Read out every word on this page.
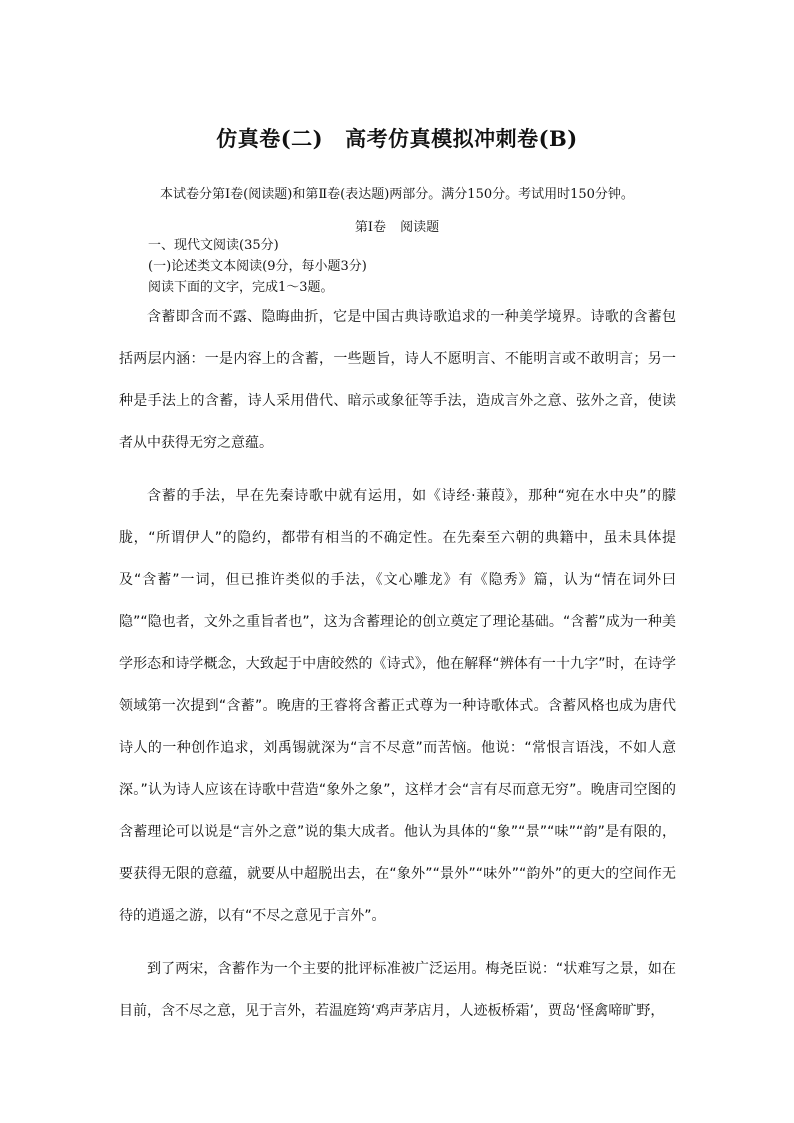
仿真卷(二) 高考仿真模拟冲刺卷(B)
本试卷分第Ⅰ卷(阅读题)和第Ⅱ卷(表达题)两部分。满分150分。考试用时150分钟。
第Ⅰ卷 阅读题
一、现代文阅读(35分)
(一)论述类文本阅读(9分，每小题3分)
阅读下面的文字，完成1～3题。

含蓄即含而不露、隐晦曲折，它是中国古典诗歌追求的一种美学境界。诗歌的含蓄包括两层内涵：一是内容上的含蓄，一些题旨，诗人不愿明言、不能明言或不敢明言；另一种是手法上的含蓄，诗人采用借代、暗示或象征等手法，造成言外之意、弦外之音，使读者从中获得无穷之意蕴。

含蓄的手法，早在先秦诗歌中就有运用，如《诗经·蒹葭》，那种“宛在水中央”的朦胧，“所谓伊人”的隐约，都带有相当的不确定性。在先秦至六朝的典籍中，虽未具体提及“含蓄”一词，但已推许类似的手法，《文心雕龙》有《隐秀》篇，认为“情在词外曰隐”“隐也者，文外之重旨者也”，这为含蓄理论的创立奠定了理论基础。“含蓄”成为一种美学形态和诗学概念，大致起于中唐皎然的《诗式》，他在解释“辨体有一十九字”时，在诗学领域第一次提到“含蓄”。晚唐的王睿将含蓄正式尊为一种诗歌体式。含蓄风格也成为唐代诗人的一种创作追求，刘禹锡就深为“言不尽意”而苦恼。他说：“常恨言语浅，不如人意深。”认为诗人应该在诗歌中营造“象外之象”，这样才会“言有尽而意无穷”。晚唐司空图的含蓄理论可以说是“言外之意”说的集大成者。他认为具体的“象”“景”“味”“韵”是有限的，要获得无限的意蕴，就要从中超脱出去，在“象外”“景外”“味外”“韵外”的更大的空间作无待的逍遥之游，以有“不尽之意见于言外”。

到了两宋，含蓄作为一个主要的批评标准被广泛运用。梅尧臣说：“状难写之景，如在目前，含不尽之意，见于言外，若温庭筠‘鸡声茅店月，人迹板桥霜’，贾岛‘怪禽啼旷野，
